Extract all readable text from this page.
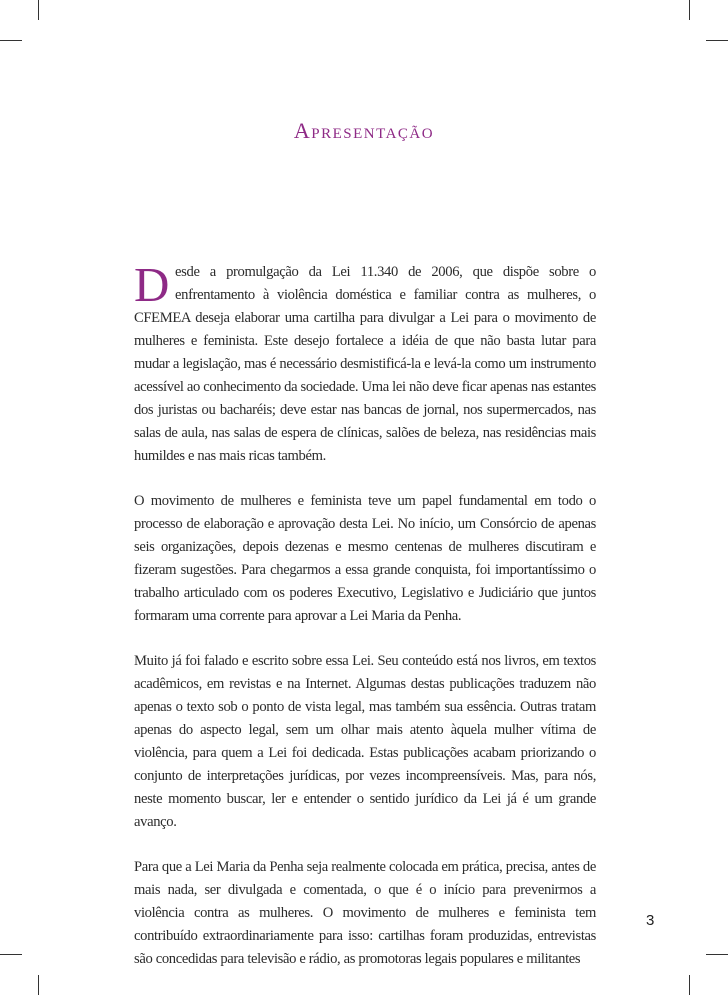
Apresentação

Desde a promulgação da Lei 11.340 de 2006, que dispõe sobre o enfrentamento à violência doméstica e familiar contra as mulheres, o CFEMEA deseja elaborar uma cartilha para divulgar a Lei para o movimento de mulheres e feminista. Este desejo fortalece a idéia de que não basta lutar para mudar a legislação, mas é necessário desmistificá-la e levá-la como um instrumento acessível ao conhecimento da sociedade. Uma lei não deve ficar apenas nas estantes dos juristas ou bacharéis; deve estar nas bancas de jornal, nos supermercados, nas salas de aula, nas salas de espera de clínicas, salões de beleza, nas residências mais humildes e nas mais ricas também.

O movimento de mulheres e feminista teve um papel fundamental em todo o processo de elaboração e aprovação desta Lei. No início, um Consórcio de apenas seis organizações, depois dezenas e mesmo centenas de mulheres discutiram e fizeram sugestões. Para chegarmos a essa grande conquista, foi importantíssimo o trabalho articulado com os poderes Executivo, Legislativo e Judiciário que juntos formaram uma corrente para aprovar a Lei Maria da Penha.

Muito já foi falado e escrito sobre essa Lei. Seu conteúdo está nos livros, em textos acadêmicos, em revistas e na Internet. Algumas destas publicações traduzem não apenas o texto sob o ponto de vista legal, mas também sua essência. Outras tratam apenas do aspecto legal, sem um olhar mais atento àquela mulher vítima de violência, para quem a Lei foi dedicada. Estas publicações acabam priorizando o conjunto de interpretações jurídicas, por vezes incompreensíveis. Mas, para nós, neste momento buscar, ler e entender o sentido jurídico da Lei já é um grande avanço.

Para que a Lei Maria da Penha seja realmente colocada em prática, precisa, antes de mais nada, ser divulgada e comentada, o que é o início para prevenirmos a violência contra as mulheres. O movimento de mulheres e feminista tem contribuído extraordinariamente para isso: cartilhas foram produzidas, entrevistas são concedidas para televisão e rádio, as promotoras legais populares e militantes

3
